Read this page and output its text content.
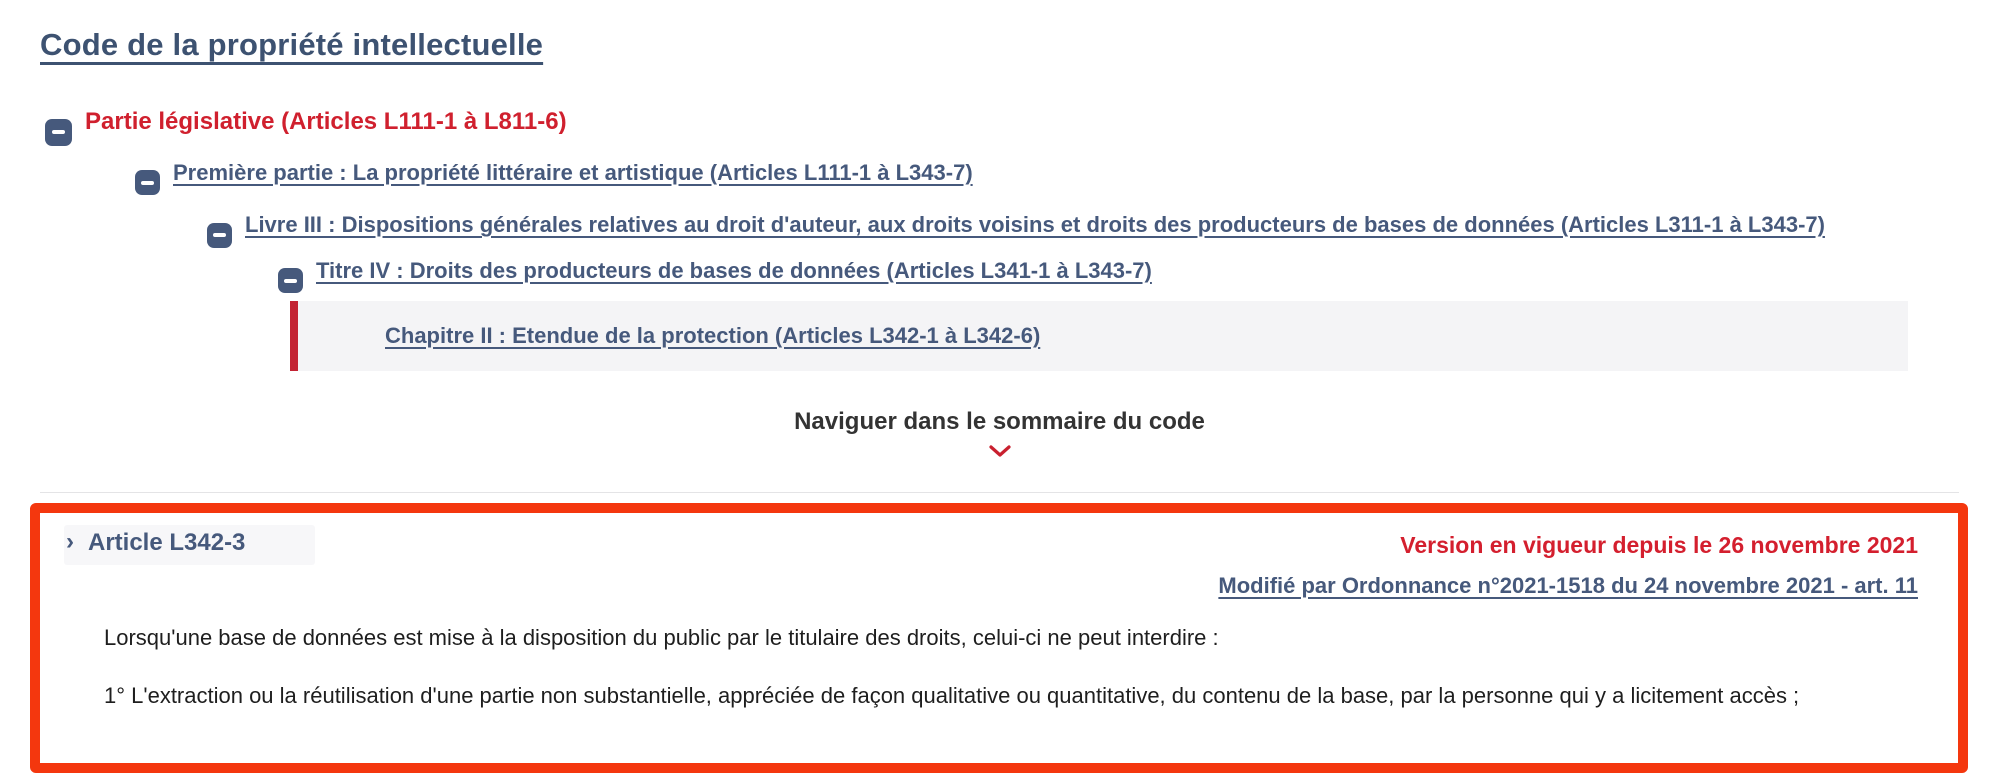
Code de la propriété intellectuelle
Partie législative (Articles L111-1 à L811-6)
Première partie : La propriété littéraire et artistique (Articles L111-1 à L343-7)
Livre III : Dispositions générales relatives au droit d'auteur, aux droits voisins et droits des producteurs de bases de données (Articles L311-1 à L343-7)
Titre IV : Droits des producteurs de bases de données (Articles L341-1 à L343-7)
Chapitre II : Etendue de la protection (Articles L342-1 à L342-6)
Naviguer dans le sommaire du code
› Article L342-3	Version en vigueur depuis le 26 novembre 2021
Modifié par Ordonnance n°2021-1518 du 24 novembre 2021 - art. 11

Lorsqu'une base de données est mise à la disposition du public par le titulaire des droits, celui-ci ne peut interdire :

1° L'extraction ou la réutilisation d'une partie non substantielle, appréciée de façon qualitative ou quantitative, du contenu de la base, par la personne qui y a licitement accès ;
